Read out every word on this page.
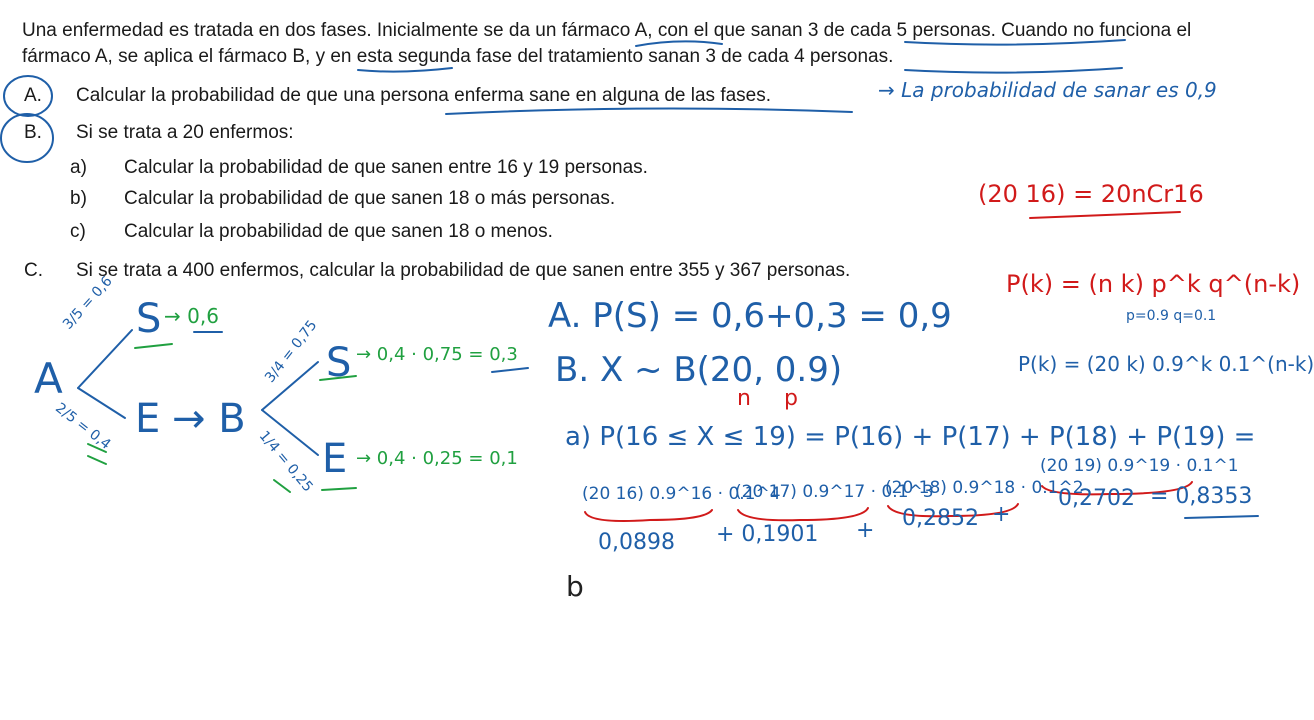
Una enfermedad es tratada en dos fases. Inicialmente se da un fármaco A, con el que sanan 3 de cada 5 personas. Cuando no funciona el fármaco A, se aplica el fármaco B, y en esta segunda fase del tratamiento sanan 3 de cada 4 personas.

A. Calcular la probabilidad de que una persona enferma sane en alguna de las fases.
B. Si se trata a 20 enfermos:
a) Calcular la probabilidad de que sanen entre 16 y 19 personas.
b) Calcular la probabilidad de que sanen 18 o más personas.
c) Calcular la probabilidad de que sanen 18 o menos.
C. Si se trata a 400 enfermos, calcular la probabilidad de que sanen entre 355 y 367 personas.
→ La probabilidad de sanar es 0,9
A. P(S) = 0,6+0,3 = 0,9
B. X ~ B(20, 0.9)
n p
a) P(16 ≤ X ≤ 19) = P(16) + P(17) + P(18) + P(19) =
(20 16) 0.9^16 · 0.1^4
(20 17) 0.9^17 · 0.1^3
(20 18) 0.9^18 · 0.1^2
(20 19) 0.9^19 · 0.1^1
0,0898 + 0,1901 + 0,2852 +
0,2702 = 0,8353
b
(20 16) = 20nCr16
P(k) = (n k) p^k q^(n-k)
p=0.9 q=0.1
P(k) = (20 k) 0.9^k 0.1^(n-k)
A
3/5 = 0,6 S → 0,6
2/5 = 0,4 E → B
3/4 = 0,75 S → 0,4 · 0,75 = 0,3
1/4 = 0,25 E → 0,4 · 0,25 = 0,1
